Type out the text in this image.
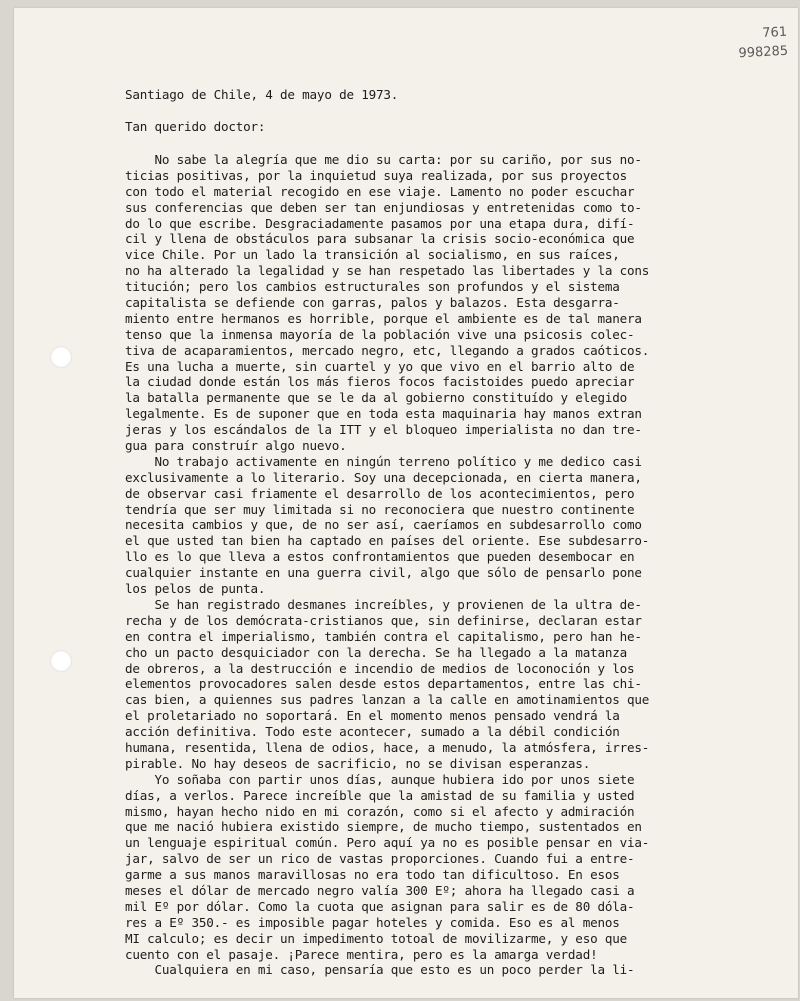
761
998285
Santiago de Chile, 4 de mayo de 1973.
Tan querido doctor:
No sabe la alegría que me dio su carta: por su cariño, por sus no-
ticias positivas, por la inquietud suya realizada, por sus proyectos
con todo el material recogido en ese viaje. Lamento no poder escuchar
sus conferencias que deben ser tan enjundiosas y entretenidas como to-
do lo que escribe. Desgraciadamente pasamos por una etapa dura, difí-
cil y llena de obstáculos para subsanar la crisis socio-económica que
vice Chile. Por un lado la transición al socialismo, en sus raíces,
no ha alterado la legalidad y se han respetado las libertades y la cons
titución; pero los cambios estructurales son profundos y el sistema
capitalista se defiende con garras, palos y balazos. Esta desgarra-
miento entre hermanos es horrible, porque el ambiente es de tal manera
tenso que la inmensa mayoría de la población vive una psicosis colec-
tiva de acaparamientos, mercado negro, etc, llegando a grados caóticos.
Es una lucha a muerte, sin cuartel y yo que vivo en el barrio alto de
la ciudad donde están los más fieros focos facistoides puedo apreciar
la batalla permanente que se le da al gobierno constituído y elegido
legalmente. Es de suponer que en toda esta maquinaria hay manos extran
jeras y los escándalos de la ITT y el bloqueo imperialista no dan tre-
gua para construír algo nuevo.
No trabajo activamente en ningún terreno político y me dedico casi
exclusivamente a lo literario. Soy una decepcionada, en cierta manera,
de observar casi friamente el desarrollo de los acontecimientos, pero
tendría que ser muy limitada si no reconociera que nuestro continente
necesita cambios y que, de no ser así, caeríamos en subdesarrollo como
el que usted tan bien ha captado en países del oriente. Ese subdesarro-
llo es lo que lleva a estos confrontamientos que pueden desembocar en
cualquier instante en una guerra civil, algo que sólo de pensarlo pone
los pelos de punta.
Se han registrado desmanes increíbles, y provienen de la ultra de-
recha y de los demócrata-cristianos que, sin definirse, declaran estar
en contra el imperialismo, también contra el capitalismo, pero han he-
cho un pacto desquiciador con la derecha. Se ha llegado a la matanza
de obreros, a la destrucción e incendio de medios de loconoción y los
elementos provocadores salen desde estos departamentos, entre las chi-
cas bien, a quiennes sus padres lanzan a la calle en amotinamientos que
el proletariado no soportará. En el momento menos pensado vendrá la
acción definitiva. Todo este acontecer, sumado a la débil condición
humana, resentida, llena de odios, hace, a menudo, la atmósfera, irres-
pirable. No hay deseos de sacrificio, no se divisan esperanzas.
Yo soñaba con partir unos días, aunque hubiera ido por unos siete
días, a verlos. Parece increíble que la amistad de su familia y usted
mismo, hayan hecho nido en mi corazón, como si el afecto y admiración
que me nació hubiera existido siempre, de mucho tiempo, sustentados en
un lenguaje espiritual común. Pero aquí ya no es posible pensar en via-
jar, salvo de ser un rico de vastas proporciones. Cuando fui a entre-
garme a sus manos maravillosas no era todo tan dificultoso. En esos
meses el dólar de mercado negro valía 300 Eº; ahora ha llegado casi a
mil Eº por dólar. Como la cuota que asignan para salir es de 80 dóla-
res a Eº 350.- es imposible pagar hoteles y comida. Eso es al menos
MI calculo; es decir un impedimento totoal de movilizarme, y eso que
cuento con el pasaje. ¡Parece mentira, pero es la amarga verdad!
Cualquiera en mi caso, pensaría que esto es un poco perder la li-
